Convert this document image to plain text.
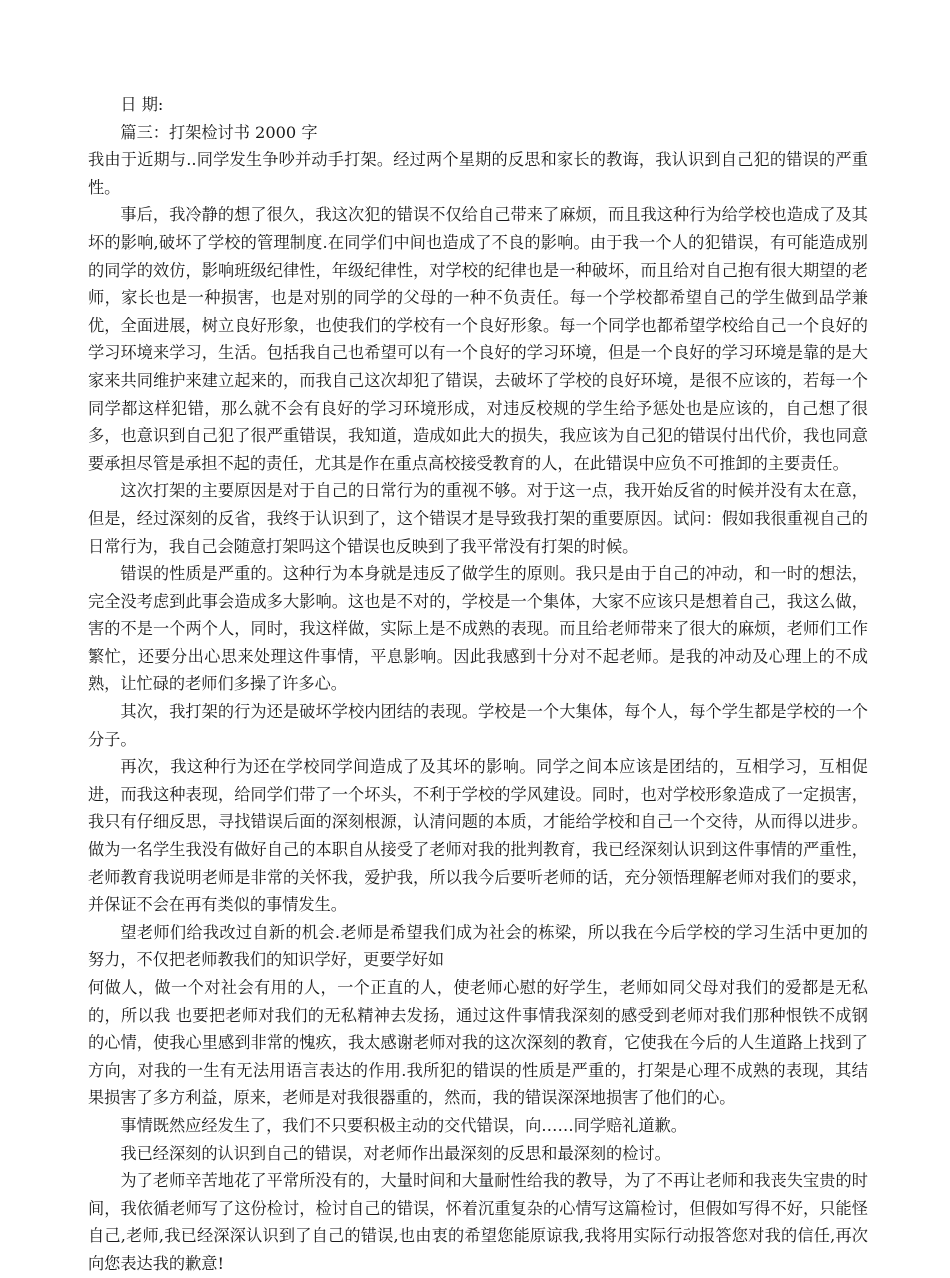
日 期:

篇三：打架检讨书 2000 字

我由于近期与..同学发生争吵并动手打架。经过两个星期的反思和家长的教诲，我认识到自己犯的错误的严重性。

事后，我冷静的想了很久，我这次犯的错误不仅给自己带来了麻烦，而且我这种行为给学校也造成了及其坏的影响,破坏了学校的管理制度.在同学们中间也造成了不良的影响。由于我一个人的犯错误，有可能造成别的同学的效仿，影响班级纪律性，年级纪律性，对学校的纪律也是一种破坏，而且给对自己抱有很大期望的老师，家长也是一种损害，也是对别的同学的父母的一种不负责任。每一个学校都希望自己的学生做到品学兼优，全面进展，树立良好形象，也使我们的学校有一个良好形象。每一个同学也都希望学校给自己一个良好的学习环境来学习，生活。包括我自己也希望可以有一个良好的学习环境，但是一个良好的学习环境是靠的是大家来共同维护来建立起来的，而我自己这次却犯了错误，去破坏了学校的良好环境，是很不应该的，若每一个同学都这样犯错，那么就不会有良好的学习环境形成，对违反校规的学生给予惩处也是应该的，自己想了很多，也意识到自己犯了很严重错误，我知道，造成如此大的损失，我应该为自己犯的错误付出代价，我也同意要承担尽管是承担不起的责任，尤其是作在重点高校接受教育的人，在此错误中应负不可推卸的主要责任。

这次打架的主要原因是对于自己的日常行为的重视不够。对于这一点，我开始反省的时候并没有太在意，但是，经过深刻的反省，我终于认识到了，这个错误才是导致我打架的重要原因。试问：假如我很重视自己的日常行为，我自己会随意打架吗这个错误也反映到了我平常没有打架的时候。

错误的性质是严重的。这种行为本身就是违反了做学生的原则。我只是由于自己的冲动，和一时的想法，完全没考虑到此事会造成多大影响。这也是不对的，学校是一个集体，大家不应该只是想着自己，我这么做，害的不是一个两个人，同时，我这样做，实际上是不成熟的表现。而且给老师带来了很大的麻烦，老师们工作繁忙，还要分出心思来处理这件事情，平息影响。因此我感到十分对不起老师。是我的冲动及心理上的不成熟，让忙碌的老师们多操了许多心。

其次，我打架的行为还是破坏学校内团结的表现。学校是一个大集体，每个人，每个学生都是学校的一个分子。

再次，我这种行为还在学校同学间造成了及其坏的影响。同学之间本应该是团结的，互相学习，互相促进，而我这种表现，给同学们带了一个坏头，不利于学校的学风建设。同时，也对学校形象造成了一定损害，我只有仔细反思，寻找错误后面的深刻根源，认清问题的本质，才能给学校和自己一个交待，从而得以进步。做为一名学生我没有做好自己的本职自从接受了老师对我的批判教育，我已经深刻认识到这件事情的严重性，老师教育我说明老师是非常的关怀我，爱护我，所以我今后要听老师的话，充分领悟理解老师对我们的要求，并保证不会在再有类似的事情发生。

望老师们给我改过自新的机会.老师是希望我们成为社会的栋梁，所以我在今后学校的学习生活中更加的努力，不仅把老师教我们的知识学好，更要学好如

何做人，做一个对社会有用的人，一个正直的人，使老师心慰的好学生，老师如同父母对我们的爱都是无私的，所以我 也要把老师对我们的无私精神去发扬，通过这件事情我深刻的感受到老师对我们那种恨铁不成钢的心情，使我心里感到非常的愧疚，我太感谢老师对我的这次深刻的教育，它使我在今后的人生道路上找到了方向，对我的一生有无法用语言表达的作用.我所犯的错误的性质是严重的，打架是心理不成熟的表现，其结果损害了多方利益，原来，老师是对我很器重的，然而，我的错误深深地损害了他们的心。

事情既然应经发生了，我们不只要积极主动的交代错误，向……同学赔礼道歉。

我已经深刻的认识到自己的错误，对老师作出最深刻的反思和最深刻的检讨。

为了老师辛苦地花了平常所没有的，大量时间和大量耐性给我的教导，为了不再让老师和我丧失宝贵的时间，我依循老师写了这份检讨，检讨自己的错误，怀着沉重复杂的心情写这篇检讨，但假如写得不好，只能怪自己,老师,我已经深深认识到了自己的错误,也由衷的希望您能原谅我,我将用实际行动报答您对我的信任,再次向您表达我的歉意!
